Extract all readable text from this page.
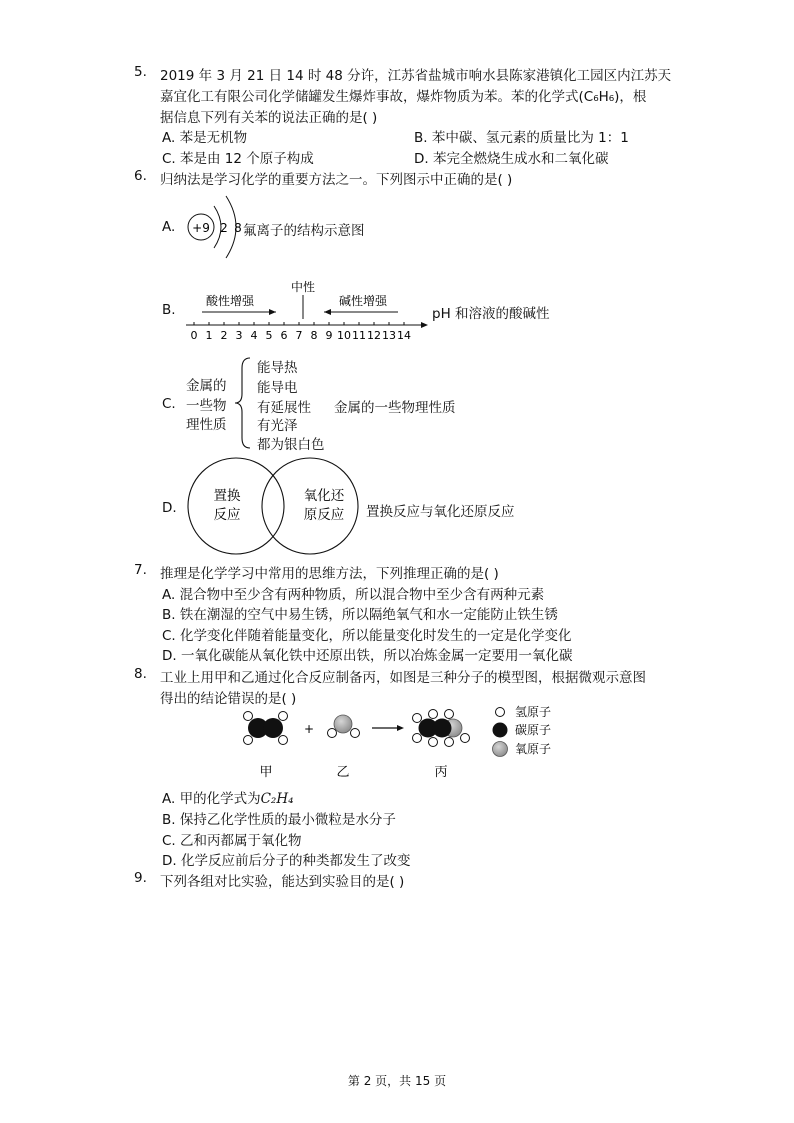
5. 2019 年 3 月 21 日 14 时 48 分许，江苏省盐城市响水县陈家港镇化工园区内江苏天
嘉宜化工有限公司化学储罐发生爆炸事故，爆炸物质为苯。苯的化学式(C₆H₆)，根
据信息下列有关苯的说法正确的是( )
A. 苯是无机物	B. 苯中碳、氢元素的质量比为 1：1
C. 苯是由 12 个原子构成	D. 苯完全燃烧生成水和二氧化碳
6. 归纳法是学习化学的重要方法之一。下列图示中正确的是( )
A. +9 2 8 氟离子的结构示意图
B.
中性
酸性增强	碱性增强
0 1 2 3 4 5 6 7 8 9 10 11 12 13 14
pH 和溶液的酸碱性
C.
金属的
一些物
理性质
能导热
能导电
有延展性 金属的一些物理性质
有光泽
都为银白色
D.
置换
反应
氧化还
原反应 置换反应与氧化还原反应
7. 推理是化学学习中常用的思维方法，下列推理正确的是( )
A. 混合物中至少含有两种物质，所以混合物中至少含有两种元素
B. 铁在潮湿的空气中易生锈，所以隔绝氧气和水一定能防止铁生锈
C. 化学变化伴随着能量变化，所以能量变化时发生的一定是化学变化
D. 一氧化碳能从氧化铁中还原出铁，所以冶炼金属一定要用一氧化碳
8. 工业上用甲和乙通过化合反应制备丙，如图是三种分子的模型图，根据微观示意图
得出的结论错误的是( )
+
氢原子
碳原子
氧原子
甲	乙	丙
A. 甲的化学式为C₂H₄
B. 保持乙化学性质的最小微粒是水分子
C. 乙和丙都属于氧化物
D. 化学反应前后分子的种类都发生了改变
9. 下列各组对比实验，能达到实验目的是( )
第 2 页，共 15 页
